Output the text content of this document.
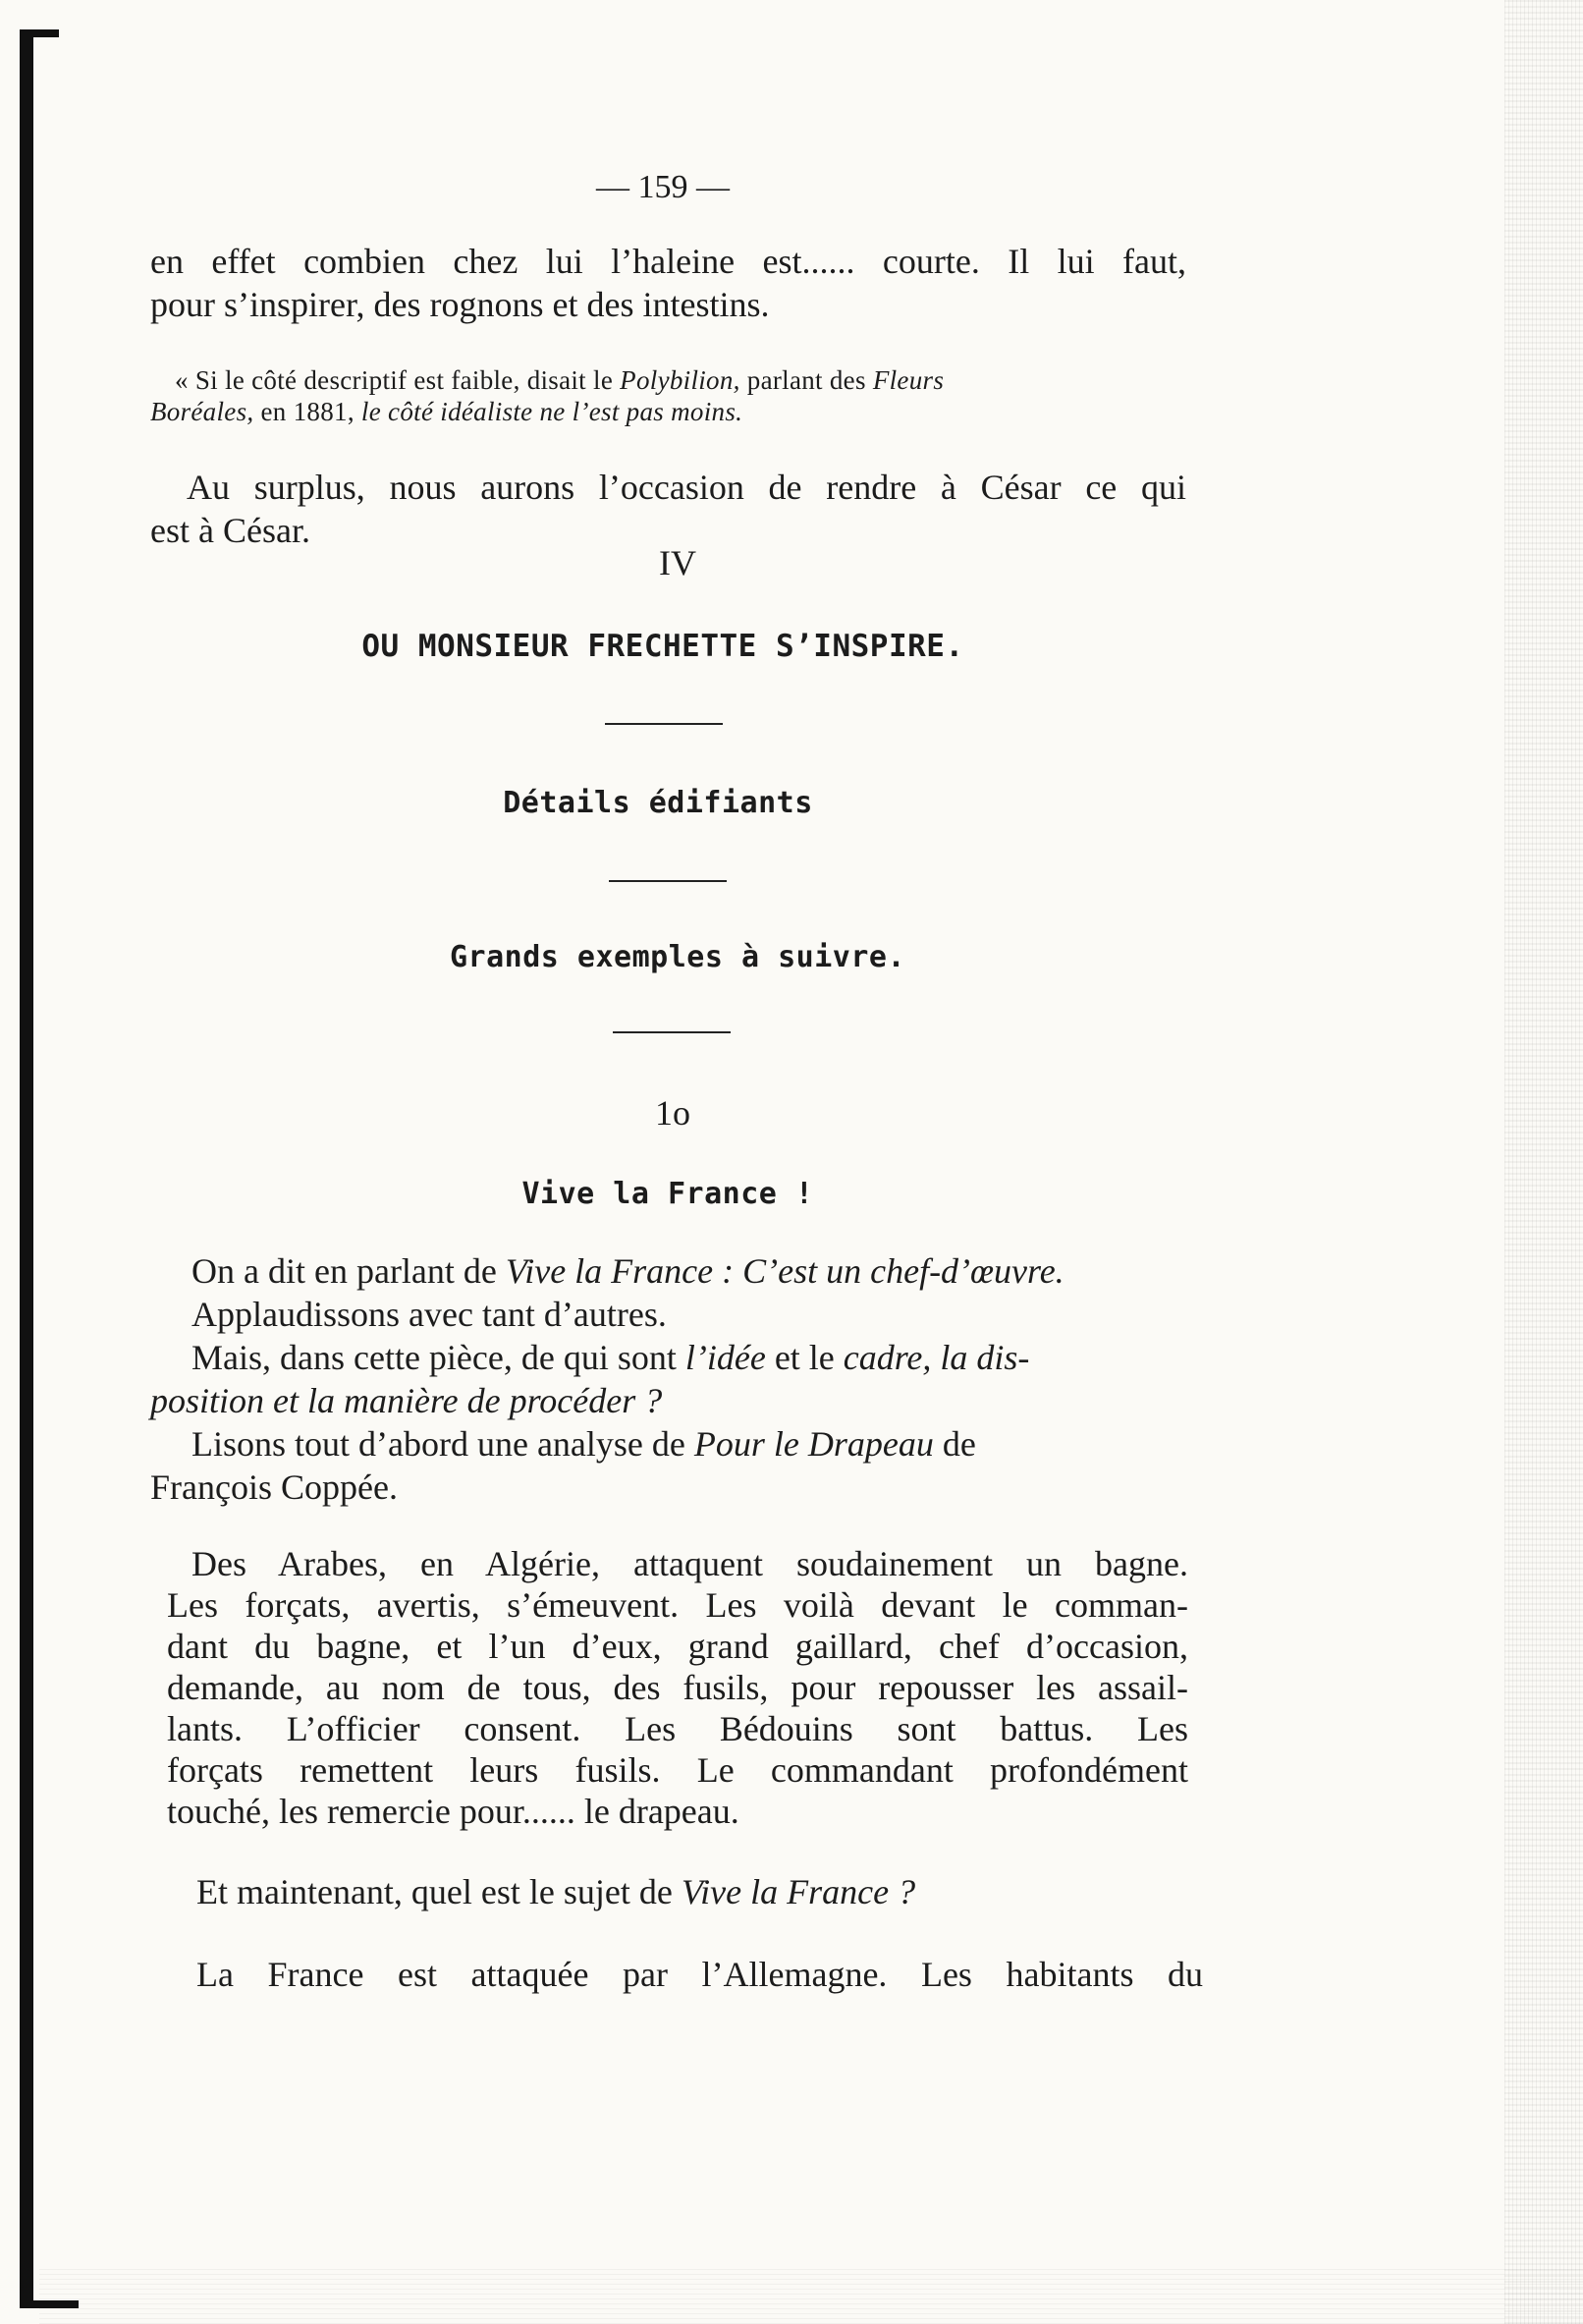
— 159 —
en effet combien chez lui l’haleine est...... courte. Il lui faut,
pour s’inspirer, des rognons et des intestins.
« Si le côté descriptif est faible, disait le Polybilion, parlant des Fleurs
Boréales, en 1881, le côté idéaliste ne l’est pas moins.
Au surplus, nous aurons l’occasion de rendre à César ce qui
est à César.
IV
OU MONSIEUR FRECHETTE S’INSPIRE.
Détails édifiants
Grands exemples à suivre.
1o
Vive la France !
On a dit en parlant de Vive la France : C’est un chef-d’œuvre.
Applaudissons avec tant d’autres.
Mais, dans cette pièce, de qui sont l’idée et le cadre, la dis-
position et la manière de procéder ?
Lisons tout d’abord une analyse de Pour le Drapeau de
François Coppée.
Des Arabes, en Algérie, attaquent soudainement un bagne.
Les forçats, avertis, s’émeuvent. Les voilà devant le comman-
dant du bagne, et l’un d’eux, grand gaillard, chef d’occasion,
demande, au nom de tous, des fusils, pour repousser les assail-
lants. L’officier consent. Les Bédouins sont battus. Les
forçats remettent leurs fusils. Le commandant profondément
touché, les remercie pour...... le drapeau.
Et maintenant, quel est le sujet de Vive la France ?
La France est attaquée par l’Allemagne. Les habitants du
